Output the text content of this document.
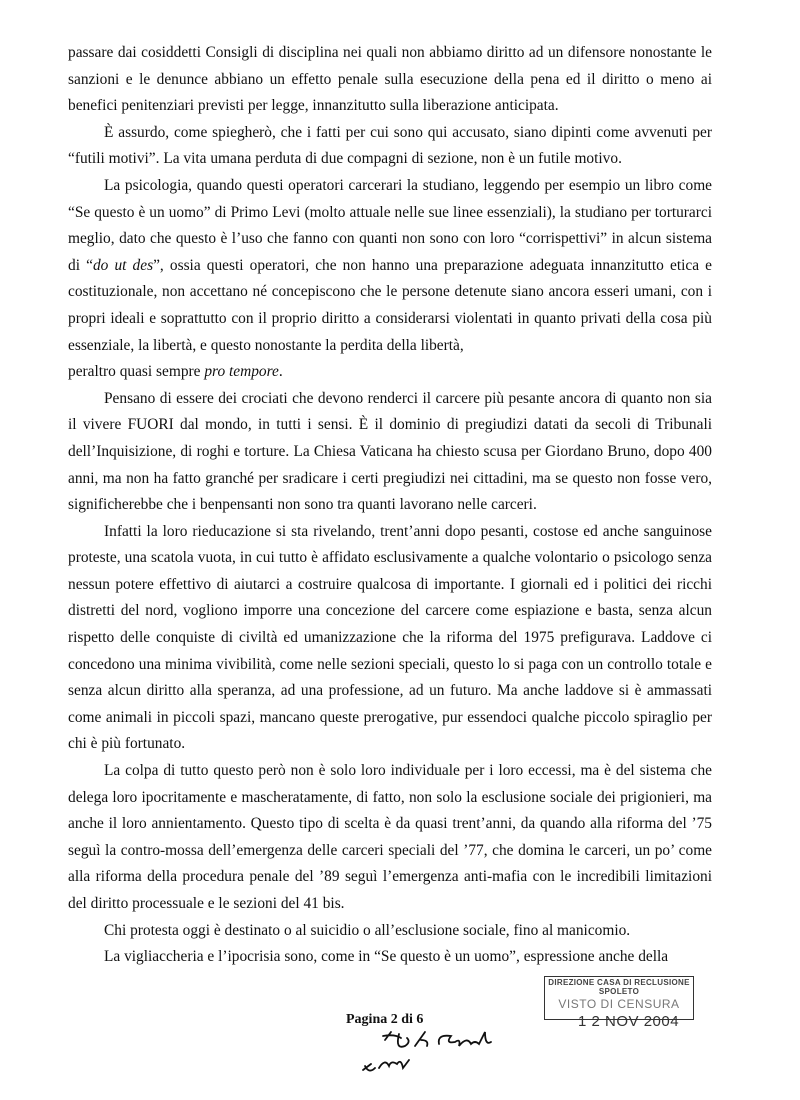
passare dai cosiddetti Consigli di disciplina nei quali non abbiamo diritto ad un difensore nonostante le sanzioni e le denunce abbiano un effetto penale sulla esecuzione della pena ed il diritto o meno ai benefici penitenziari previsti per legge, innanzitutto sulla liberazione anticipata.

È assurdo, come spiegherò, che i fatti per cui sono qui accusato, siano dipinti come avvenuti per “futili motivi”. La vita umana perduta di due compagni di sezione, non è un futile motivo.

La psicologia, quando questi operatori carcerari la studiano, leggendo per esempio un libro come “Se questo è un uomo” di Primo Levi (molto attuale nelle sue linee essenziali), la studiano per torturarci meglio, dato che questo è l’uso che fanno con quanti non sono con loro “corrispettivi” in alcun sistema di “do ut des”, ossia questi operatori, che non hanno una preparazione adeguata innanzitutto etica e costituzionale, non accettano né concepiscono che le persone detenute siano ancora esseri umani, con i propri ideali e soprattutto con il proprio diritto a considerarsi violentati in quanto privati della cosa più essenziale, la libertà, e questo nonostante la perdita della libertà,
peraltro quasi sempre pro tempore.

Pensano di essere dei crociati che devono renderci il carcere più pesante ancora di quanto non sia il vivere FUORI dal mondo, in tutti i sensi. È il dominio di pregiudizi datati da secoli di Tribunali dell’Inquisizione, di roghi e torture. La Chiesa Vaticana ha chiesto scusa per Giordano Bruno, dopo 400 anni, ma non ha fatto granché per sradicare i certi pregiudizi nei cittadini, ma se questo non fosse vero, significherebbe che i benpensanti non sono tra quanti lavorano nelle carceri.

Infatti la loro rieducazione si sta rivelando, trent’anni dopo pesanti, costose ed anche sanguinose proteste, una scatola vuota, in cui tutto è affidato esclusivamente a qualche volontario o psicologo senza nessun potere effettivo di aiutarci a costruire qualcosa di importante. I giornali ed i politici dei ricchi distretti del nord, vogliono imporre una concezione del carcere come espiazione e basta, senza alcun rispetto delle conquiste di civiltà ed umanizzazione che la riforma del 1975 prefigurava. Laddove ci concedono una minima vivibilità, come nelle sezioni speciali, questo lo si paga con un controllo totale e senza alcun diritto alla speranza, ad una professione, ad un futuro. Ma anche laddove si è ammassati come animali in piccoli spazi, mancano queste prerogative, pur essendoci qualche piccolo spiraglio per chi è più fortunato.

La colpa di tutto questo però non è solo loro individuale per i loro eccessi, ma è del sistema che delega loro ipocritamente e mascheratamente, di fatto, non solo la esclusione sociale dei prigionieri, ma anche il loro annientamento. Questo tipo di scelta è da quasi trent’anni, da quando alla riforma del ’75 seguì la contro-mossa dell’emergenza delle carceri speciali del ’77, che domina le carceri, un po’ come alla riforma della procedura penale del ’89 seguì l’emergenza anti-mafia con le incredibili limitazioni del diritto processuale e le sezioni del 41 bis.

Chi protesta oggi è destinato o al suicidio o all’esclusione sociale, fino al manicomio.

La vigliaccheria e l’ipocrisia sono, come in “Se questo è un uomo”, espressione anche della

DIREZIONE CASA DI RECLUSIONE SPOLETO
VISTO DI CENSURA
1 2 NOV 2004
Pagina 2 di 6
